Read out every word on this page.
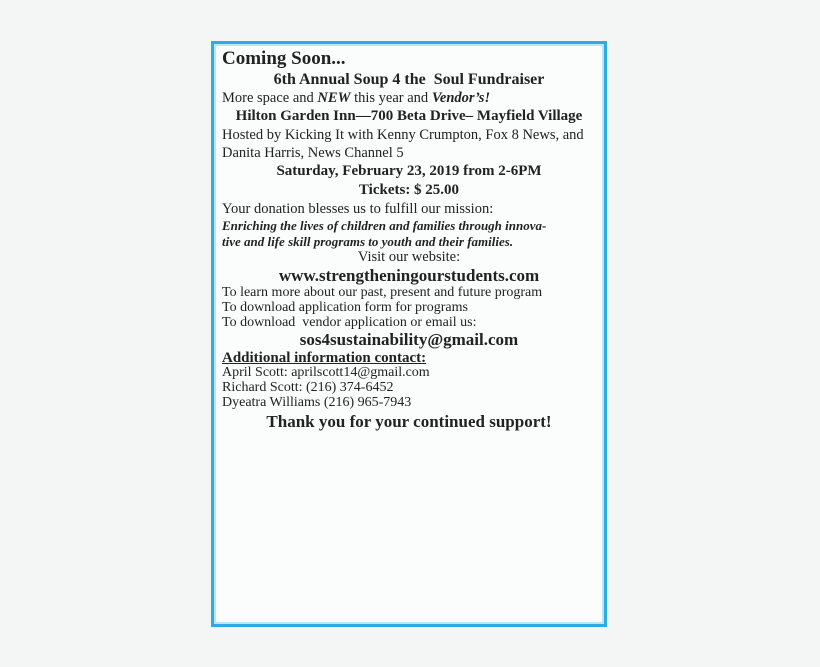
Coming Soon...
6th Annual Soup 4 the  Soul Fundraiser

More space and NEW this year and Vendor’s!

Hilton Garden Inn—700 Beta Drive– Mayfield Village

Hosted by Kicking It with Kenny Crumpton, Fox 8 News, and

Danita Harris, News Channel 5

Saturday, February 23, 2019 from 2-6PM

Tickets: $ 25.00

Your donation blesses us to fulfill our mission:

Enriching the lives of children and families through innova-
tive and life skill programs to youth and their families.

Visit our website:

www.strengtheningourstudents.com

To learn more about our past, present and future program
To download application form for programs
To download  vendor application or email us:

sos4sustainability@gmail.com

Additional information contact:

April Scott: aprilscott14@gmail.com
Richard Scott: (216) 374-6452
Dyeatra Williams (216) 965-7943

Thank you for your continued support!
